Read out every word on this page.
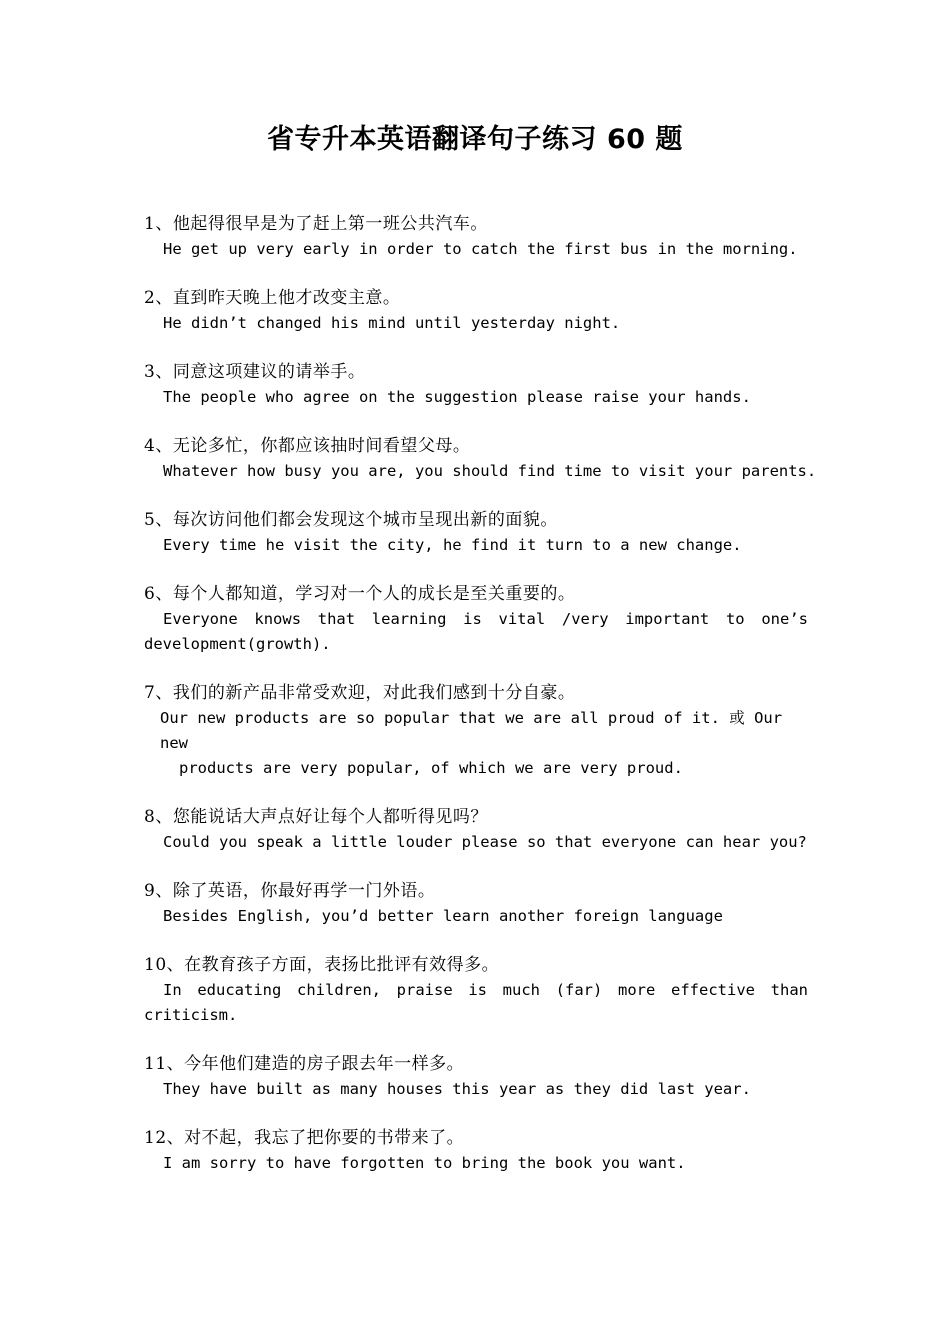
省专升本英语翻译句子练习 60 题
1、他起得很早是为了赶上第一班公共汽车。
He get up very early in order to catch the first bus in the morning.
2、直到昨天晚上他才改变主意。
He didn’t changed his mind until yesterday night.
3、同意这项建议的请举手。
The people who agree on the suggestion please raise your hands.
4、无论多忙，你都应该抽时间看望父母。
Whatever how busy you are, you should find time to visit your parents.
5、每次访问他们都会发现这个城市呈现出新的面貌。
Every time he visit the city, he find it turn to a new change.
6、每个人都知道，学习对一个人的成长是至关重要的。
Everyone knows that learning is vital /very important to one’s development(growth).
7、我们的新产品非常受欢迎，对此我们感到十分自豪。
Our new products are so popular that we are all proud of it. 或 Our new
products are very popular, of which we are very proud.
8、您能说话大声点好让每个人都听得见吗？
Could you speak a little louder please so that everyone can hear you?
9、除了英语，你最好再学一门外语。
Besides English, you’d better learn another foreign language
10、在教育孩子方面，表扬比批评有效得多。
In educating children, praise is much (far) more effective than criticism.
11、今年他们建造的房子跟去年一样多。
They have built as many houses this year as they did last year.
12、对不起，我忘了把你要的书带来了。
I am sorry to have forgotten to bring the book you want.
